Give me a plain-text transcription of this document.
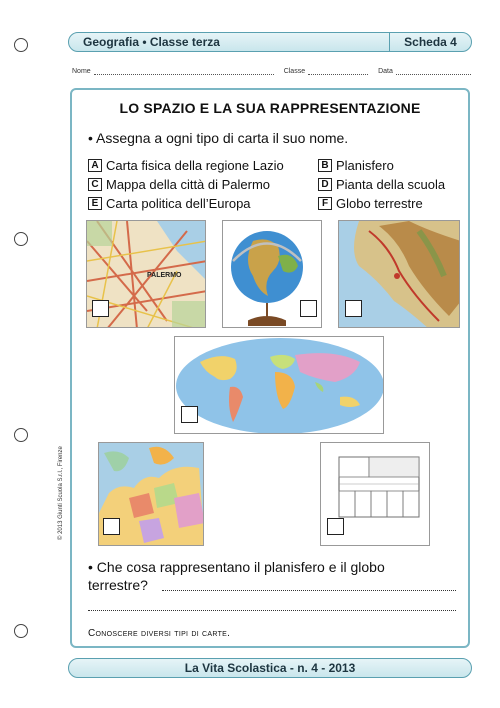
Geografia • Classe terza	Scheda 4
Nome	Classe	Data
© 2013 Giunti Scuola S.r.l., Firenze
LO SPAZIO E LA SUA RAPPRESENTAZIONE
• Assegna a ogni tipo di carta il suo nome.
A Carta fisica della regione Lazio	B Planisfero
C Mappa della città di Palermo	D Pianta della scuola
E Carta politica dell’Europa	F Globo terrestre
PALERMO
• Che cosa rappresentano il planisfero e il globo
terrestre?
Conoscere diversi tipi di carte.
La Vita Scolastica - n. 4 - 2013
